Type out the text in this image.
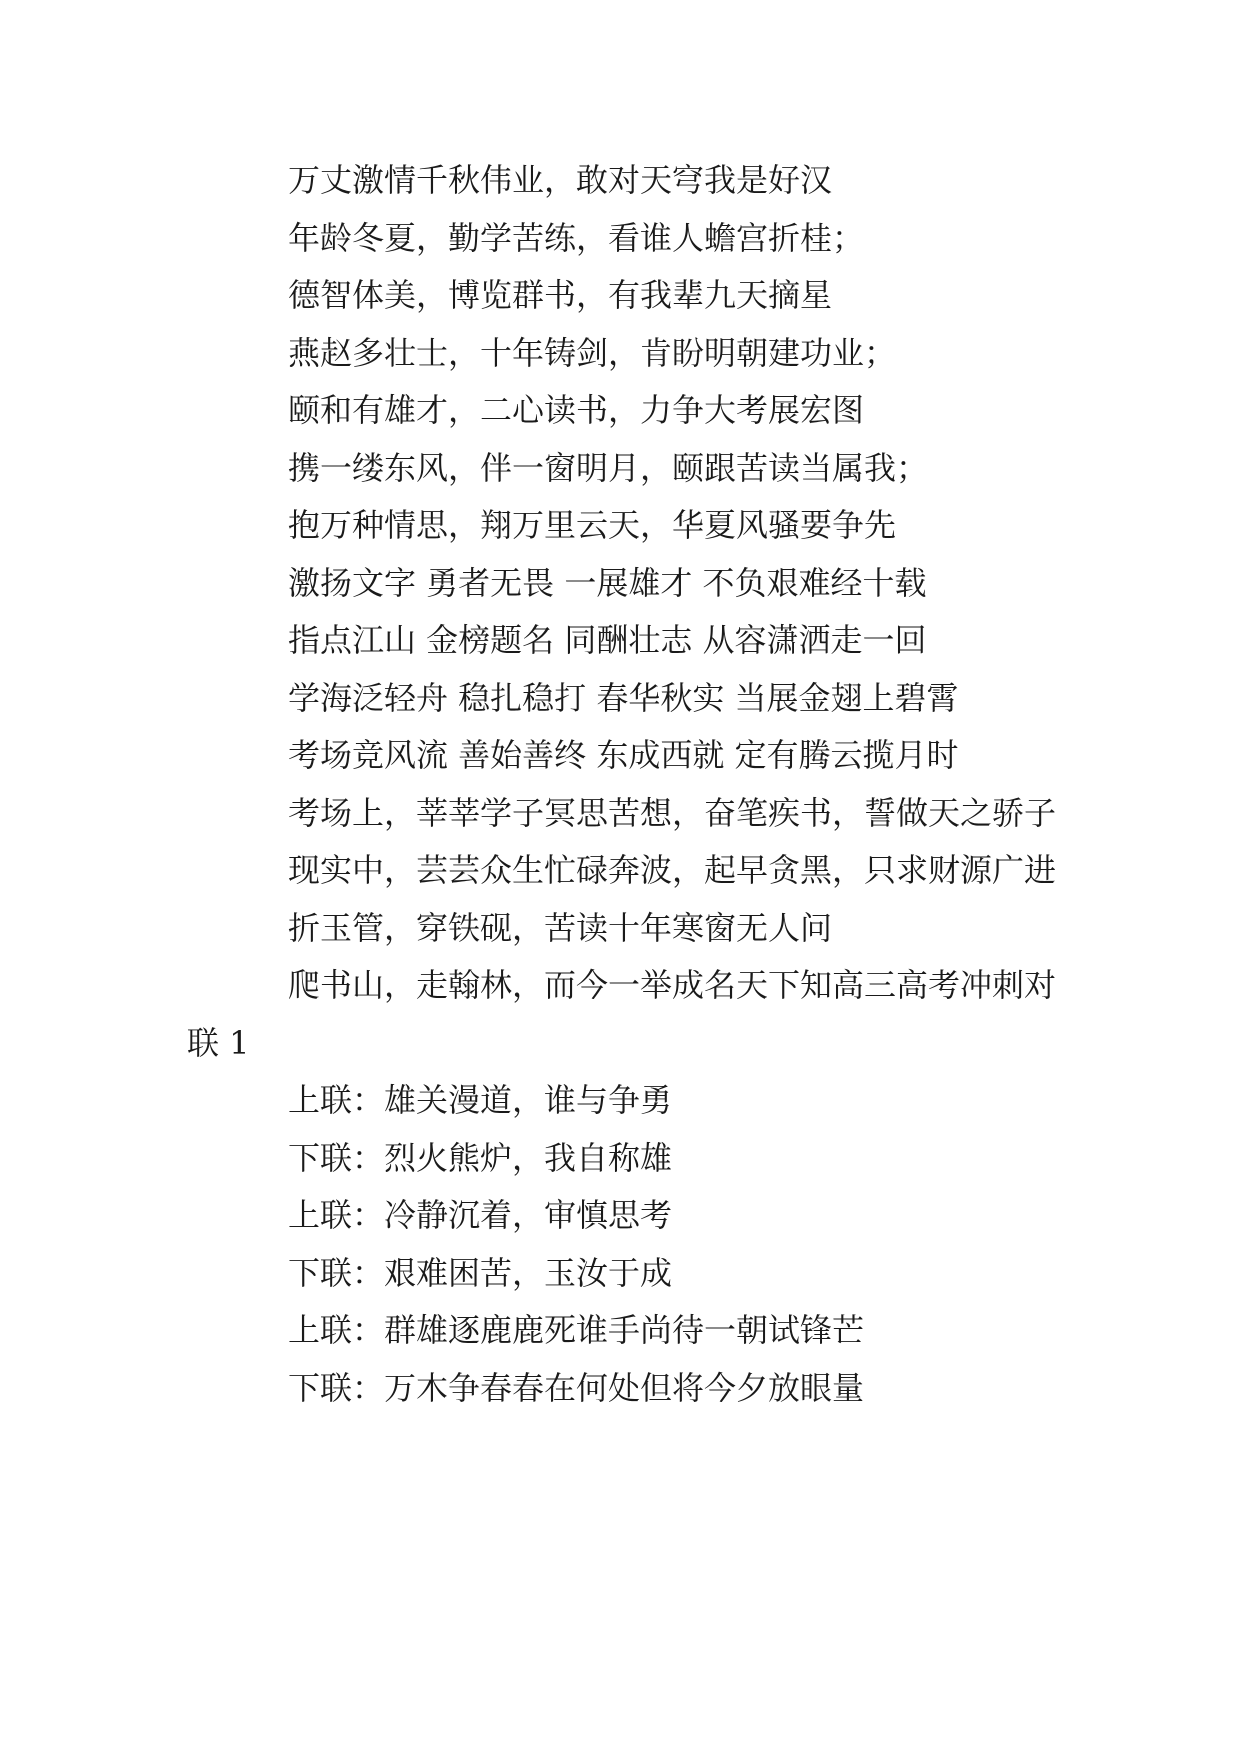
万丈激情千秋伟业，敢对天穹我是好汉

年龄冬夏，勤学苦练，看谁人蟾宫折桂；

德智体美，博览群书，有我辈九天摘星

燕赵多壮士，十年铸剑，肯盼明朝建功业；

颐和有雄才，二心读书，力争大考展宏图

携一缕东风，伴一窗明月，颐跟苦读当属我；

抱万种情思，翔万里云天，华夏风骚要争先

激扬文字 勇者无畏 一展雄才 不负艰难经十载

指点江山 金榜题名 同酬壮志 从容潇洒走一回

学海泛轻舟 稳扎稳打 春华秋实 当展金翅上碧霄

考场竞风流 善始善终 东成西就 定有腾云揽月时

考场上，莘莘学子冥思苦想，奋笔疾书，誓做天之骄子

现实中，芸芸众生忙碌奔波，起早贪黑，只求财源广进

折玉管，穿铁砚，苦读十年寒窗无人问

爬书山，走翰林，而今一举成名天下知高三高考冲刺对联 1

上联：雄关漫道，谁与争勇

下联：烈火熊炉，我自称雄

上联：冷静沉着，审慎思考

下联：艰难困苦，玉汝于成

上联：群雄逐鹿鹿死谁手尚待一朝试锋芒

下联：万木争春春在何处但将今夕放眼量
